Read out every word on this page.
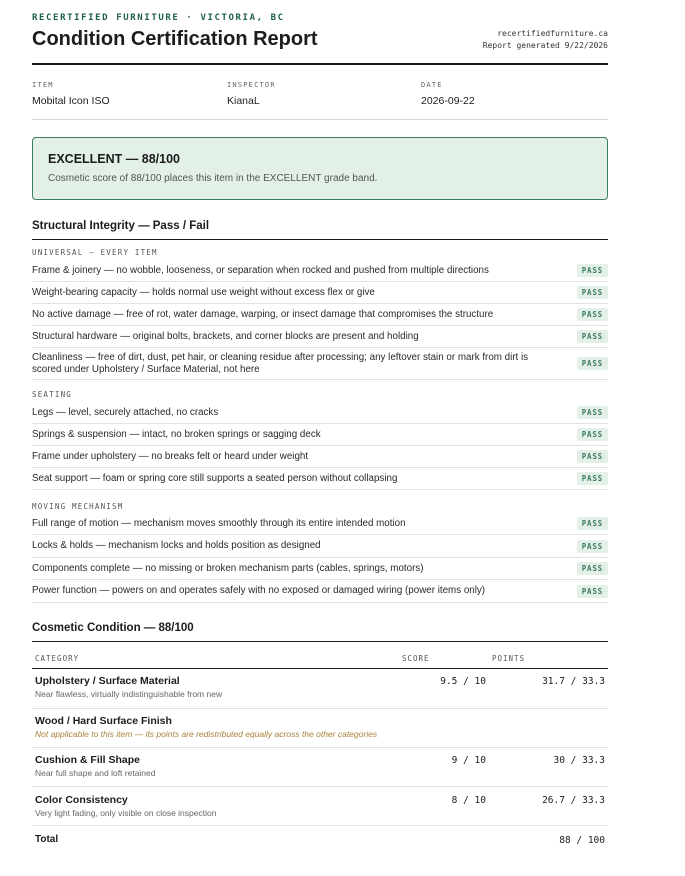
RECERTIFIED FURNITURE · VICTORIA, BC
Condition Certification Report	recertifiedfurniture.ca
Report generated 9/22/2026
ITEM
Mobital Icon ISO
INSPECTOR
KianaL
DATE
2026-09-22
EXCELLENT — 88/100
Cosmetic score of 88/100 places this item in the EXCELLENT grade band.
Structural Integrity — Pass / Fail
UNIVERSAL — EVERY ITEM
Frame & joinery — no wobble, looseness, or separation when rocked and pushed from multiple directions	PASS
Weight-bearing capacity — holds normal use weight without excess flex or give	PASS
No active damage — free of rot, water damage, warping, or insect damage that compromises the structure	PASS
Structural hardware — original bolts, brackets, and corner blocks are present and holding	PASS
Cleanliness — free of dirt, dust, pet hair, or cleaning residue after processing; any leftover stain or mark from dirt is scored under Upholstery / Surface Material, not here	PASS
SEATING
Legs — level, securely attached, no cracks	PASS
Springs & suspension — intact, no broken springs or sagging deck	PASS
Frame under upholstery — no breaks felt or heard under weight	PASS
Seat support — foam or spring core still supports a seated person without collapsing	PASS
MOVING MECHANISM
Full range of motion — mechanism moves smoothly through its entire intended motion	PASS
Locks & holds — mechanism locks and holds position as designed	PASS
Components complete — no missing or broken mechanism parts (cables, springs, motors)	PASS
Power function — powers on and operates safely with no exposed or damaged wiring (power items only)	PASS
Cosmetic Condition — 88/100
CATEGORY	SCORE	POINTS
Upholstery / Surface Material
Near flawless, virtually indistinguishable from new
9.5 / 10	31.7 / 33.3
Wood / Hard Surface Finish
Not applicable to this item — its points are redistributed equally across the other categories
Cushion & Fill Shape
Near full shape and loft retained
9 / 10	30 / 33.3
Color Consistency
Very light fading, only visible on close inspection
8 / 10	26.7 / 33.3
Total	88 / 100
